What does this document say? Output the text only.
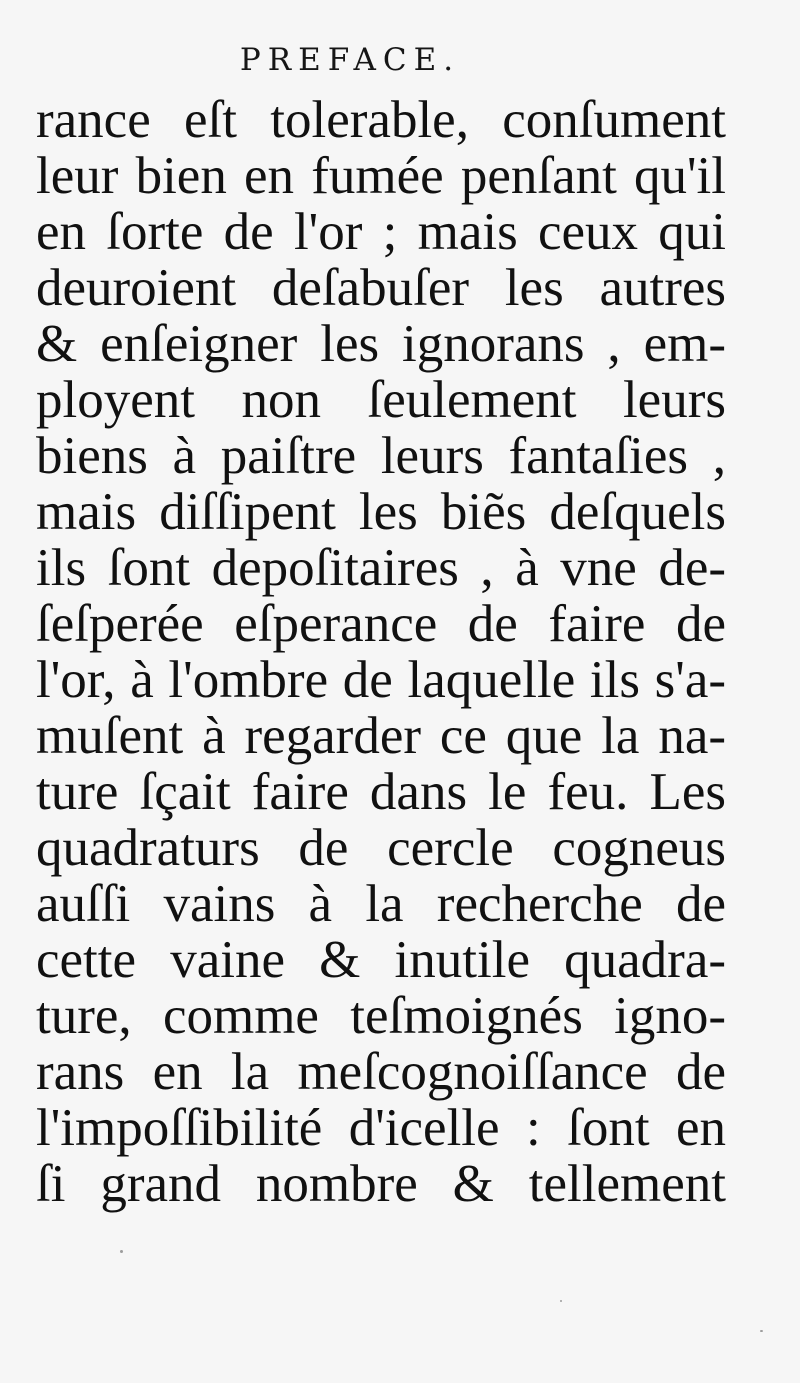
PREFACE.
rance eſt tolerable, conſument
leur bien en fumée penſant qu'il
en ſorte de l'or ; mais ceux qui
deuroient deſabuſer les autres
& enſeigner les ignorans , em-
ployent non ſeulement leurs
biens à paiſtre leurs fantaſies ,
mais diſſipent les biẽs deſquels
ils ſont depoſitaires , à vne de-
ſeſperée eſperance de faire de
l'or, à l'ombre de laquelle ils s'a-
muſent à regarder ce que la na-
ture ſçait faire dans le feu. Les
quadraturs de cercle cogneus
auſſi vains à la recherche de
cette vaine & inutile quadra-
ture, comme teſmoignés igno-
rans en la meſcognoiſſance de
l'impoſſibilité d'icelle : ſont en
ſi grand nombre & tellement
